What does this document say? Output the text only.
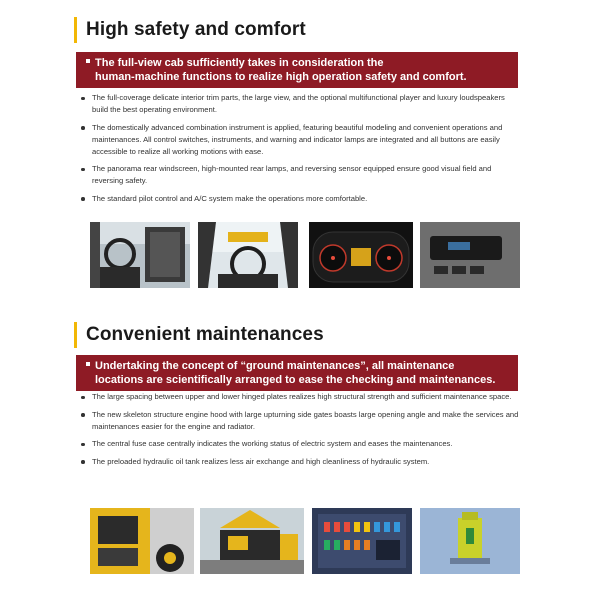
High safety and comfort
The full-view cab sufficiently takes in consideration the
human-machine functions to realize high operation safety and comfort.
The full-coverage delicate interior trim parts, the large view, and the optional multifunctional player and luxury loudspeakers build the best operating environment.
The domestically advanced combination instrument is applied, featuring beautiful modeling and convenient operations and maintenances. All control switches, instruments, and warning and indicator lamps are integrated and all buttons are easily accessible to realize all working motions with ease.
The panorama rear windscreen, high-mounted rear lamps, and reversing sensor equipped ensure good visual field and reversing safety.
The standard pilot control and A/C system make the operations more comfortable.
Convenient maintenances
Undertaking the concept of “ground maintenances”, all maintenance
locations are scientifically arranged to ease the checking and maintenances.
The large spacing between upper and lower hinged plates realizes high structural strength and sufficient maintenance space.
The new skeleton structure engine hood with large upturning side gates boasts large opening angle and make the services and maintenances easier for the engine and radiator.
The central fuse case centrally indicates the working status of electric system and eases the maintenances.
The preloaded hydraulic oil tank realizes less air exchange and high cleanliness of hydraulic system.
